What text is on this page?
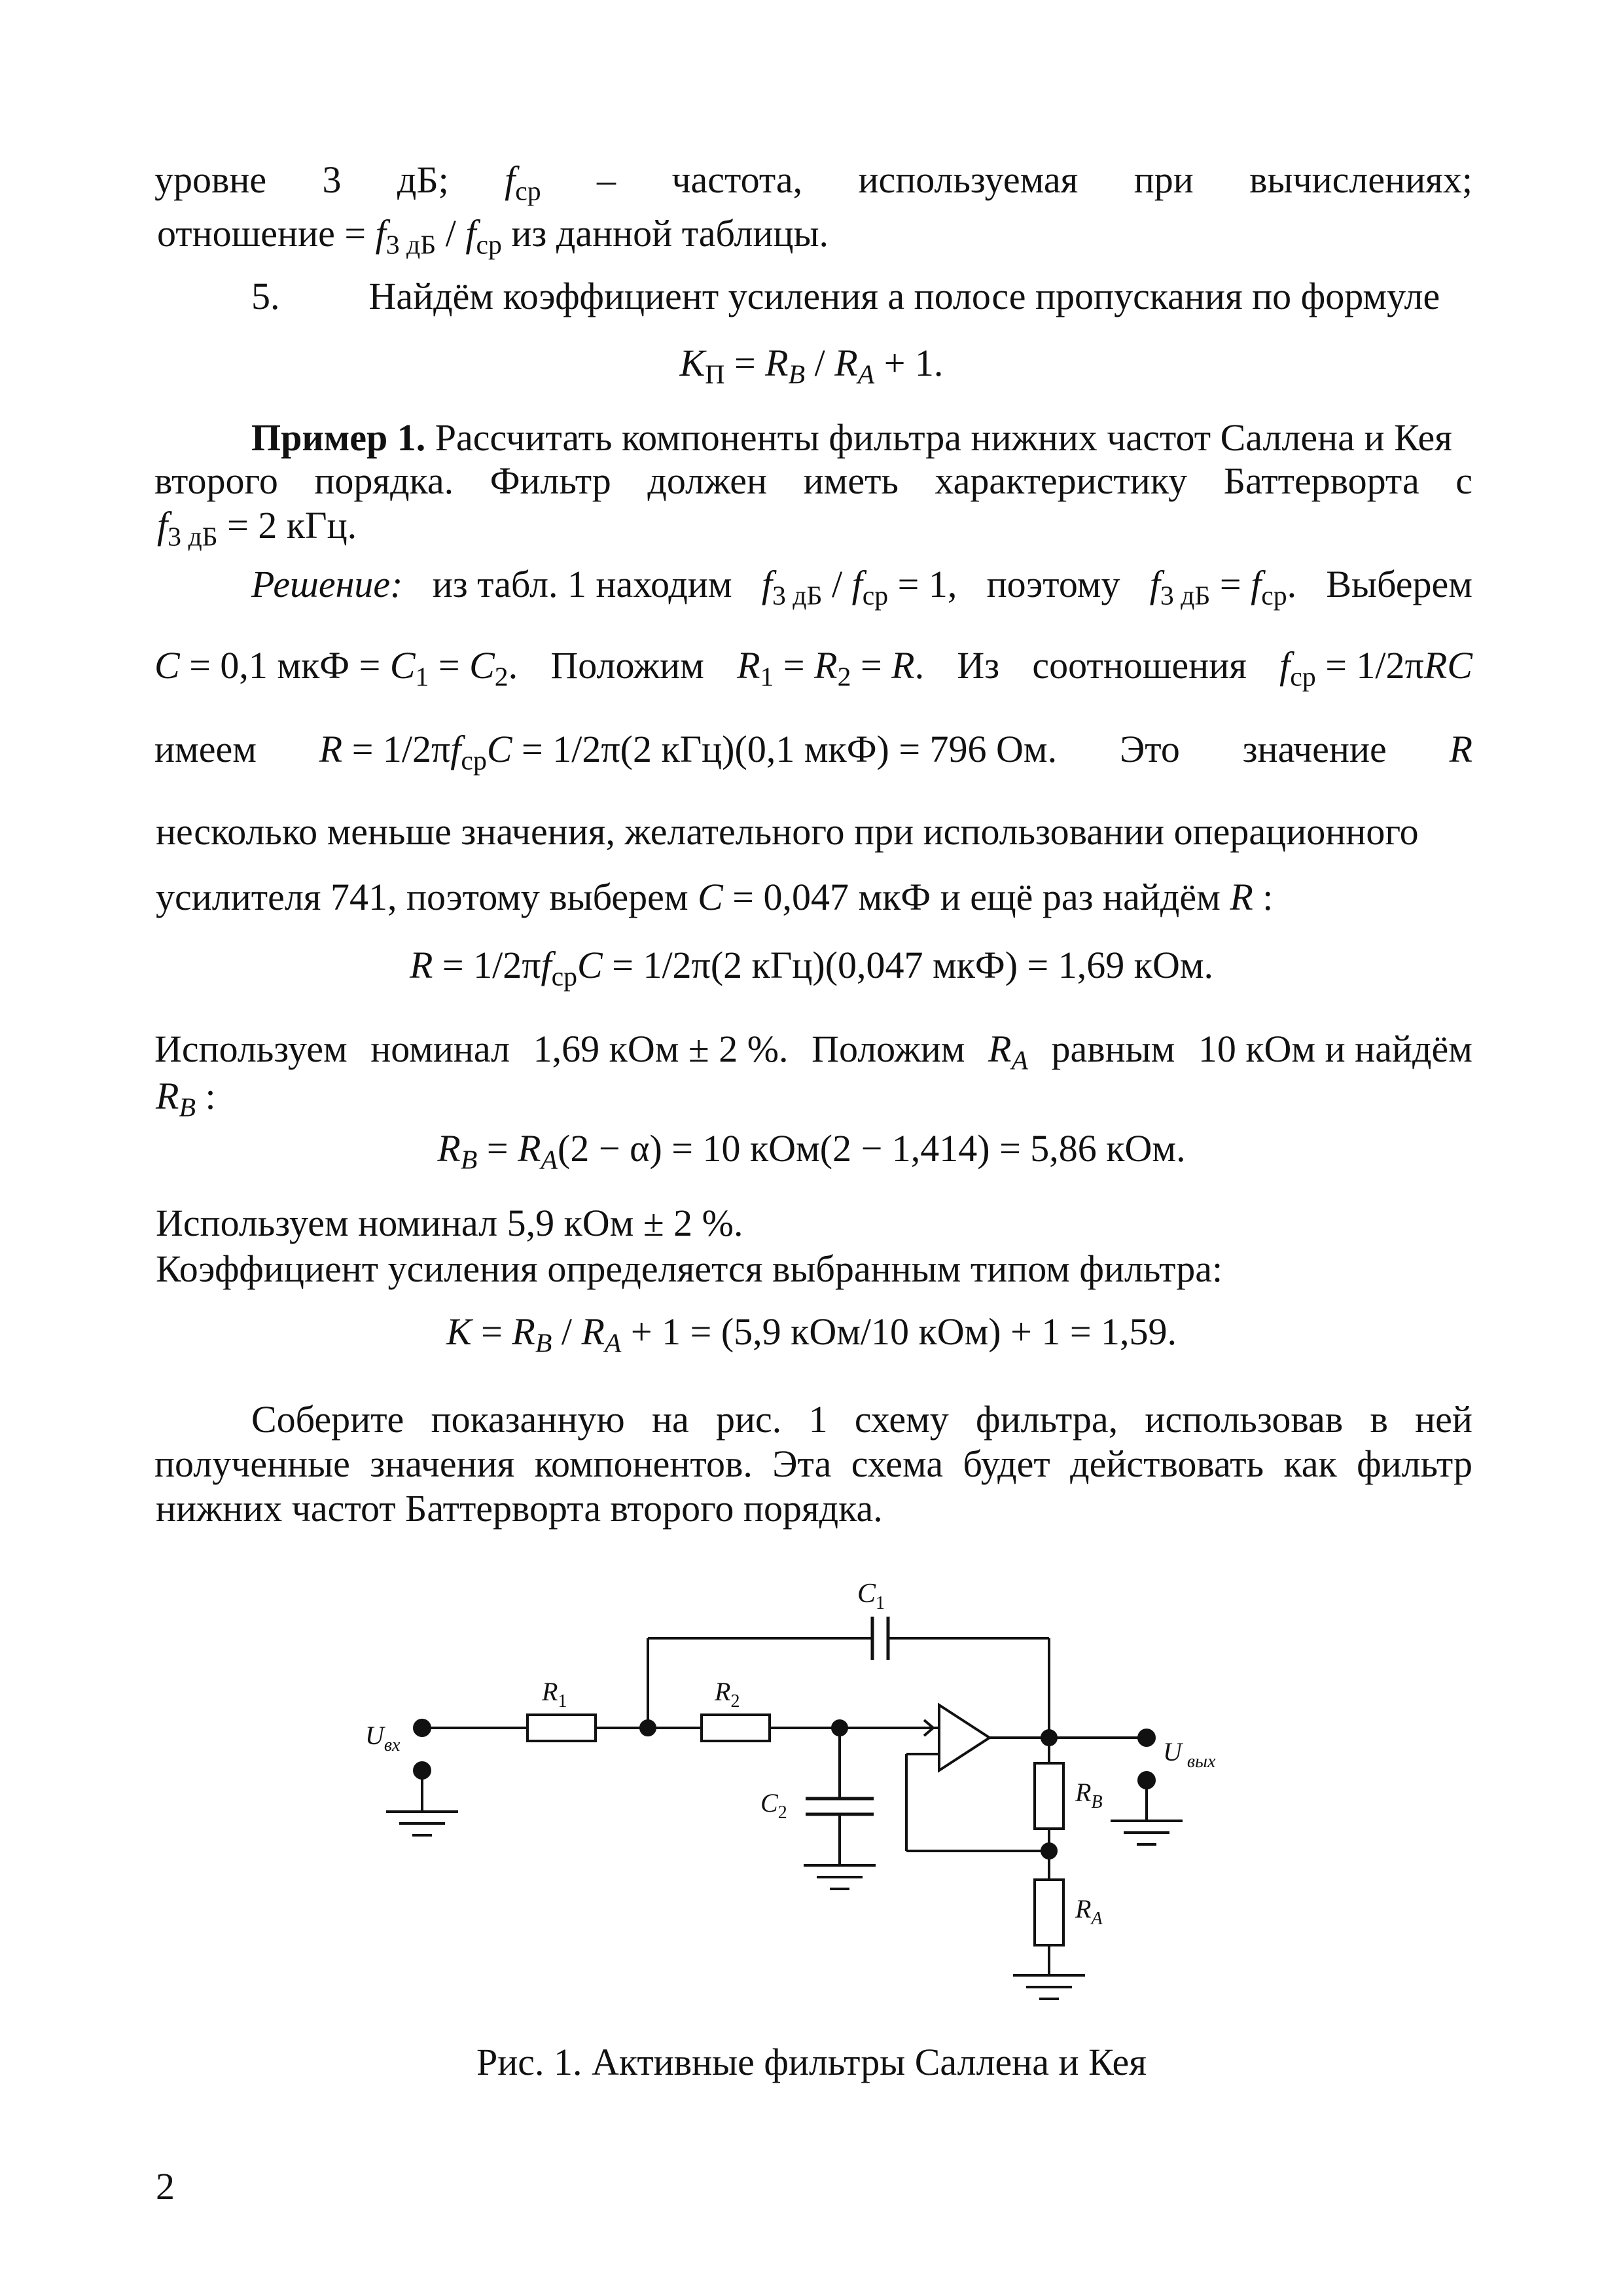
уровне 3 дБ; $f_{ср}$ – частота, используемая при вычислениях;
отношение = $f_{3 дБ} / f_{ср}$ из данной таблицы.
5. Найдём коэффициент усиления а полосе пропускания по формуле
$K_П = R_B / R_A + 1$.
Пример 1. Рассчитать компоненты фильтра нижних частот Саллена и Кея
второго порядка. Фильтр должен иметь характеристику Баттерворта с
$f_{3 дБ} = 2$ кГц.
Решение: из табл. 1 находим $f_{3 дБ} / f_{ср} = 1$, поэтому $f_{3 дБ} = f_{ср}$. Выберем
C = 0,1 мкФ = $C_1 = C_2$. Положим $R_1 = R_2 = R$. Из соотношения $f_{ср} = 1/2\pi RC$
имеем $R = 1/2\pi f_{ср}C = 1/2\pi(2$ кГц)(0,1 мкФ) = 796 Ом. Это значение R
несколько меньше значения, желательного при использовании операционного
усилителя 741, поэтому выберем C = 0,047 мкФ и ещё раз найдём R :
$R = 1/2\pi f_{ср}C = 1/2\pi(2$ кГц)(0,047 мкФ) = 1,69 кОм.
Используем номинал 1,69 кОм ± 2 %. Положим $R_A$ равным 10 кОм и найдём
$R_B$ :
$R_B = R_A(2 - \alpha) = 10$ кОм(2 − 1,414) = 5,86 кОм.
Используем номинал 5,9 кОм ± 2 %.
Коэффициент усиления определяется выбранным типом фильтра:
$K = R_B / R_A + 1 = (5,9$ кОм/10 кОм) + 1 = 1,59.
Соберите показанную на рис. 1 схему фильтра, использовав в ней
полученные значения компонентов. Эта схема будет действовать как фильтр
нижних частот Баттерворта второго порядка.
$C_1$
$R_1$	$R_2$
$C_2$
$R_B$
$R_A$
$U_{вх}$	U $_{вых}$
Рис. 1. Активные фильтры Саллена и Кея
2
